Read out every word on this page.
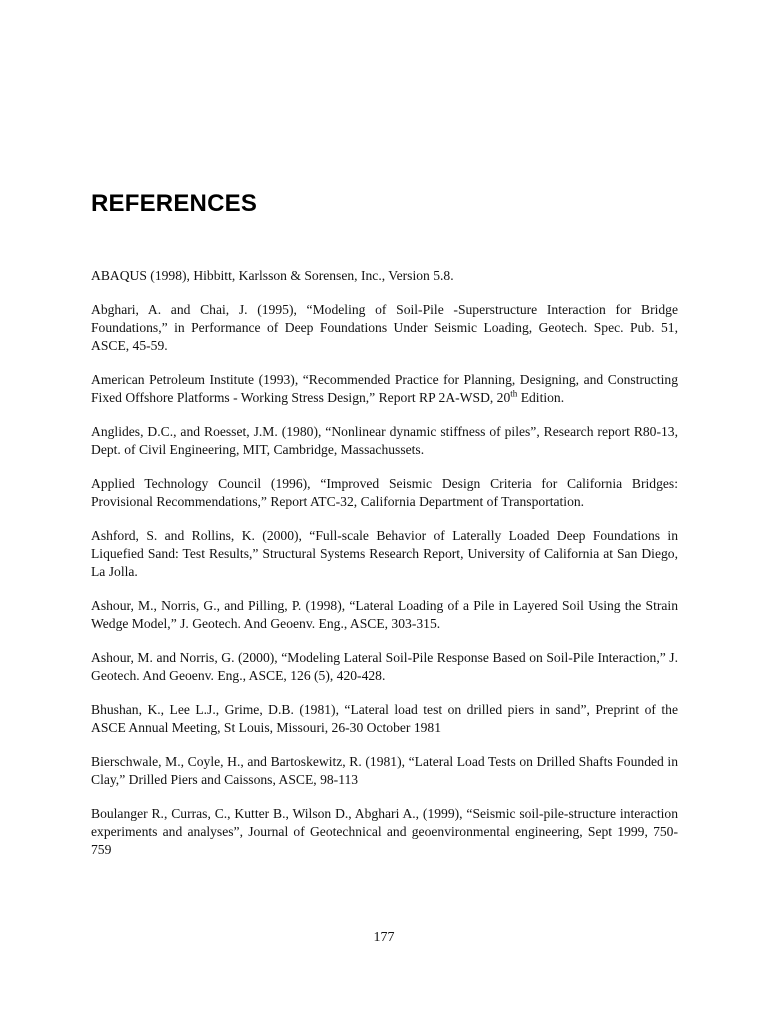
REFERENCES
ABAQUS (1998), Hibbitt, Karlsson & Sorensen, Inc., Version 5.8.
Abghari, A. and Chai, J. (1995), “Modeling of Soil-Pile -Superstructure Interaction for Bridge Foundations,” in Performance of Deep Foundations Under Seismic Loading, Geotech. Spec. Pub. 51, ASCE, 45-59.
American Petroleum Institute (1993), “Recommended Practice for Planning, Designing, and Constructing Fixed Offshore Platforms - Working Stress Design,” Report RP 2A-WSD, 20th Edition.
Anglides, D.C., and Roesset, J.M. (1980), “Nonlinear dynamic stiffness of piles”, Research report R80-13, Dept. of Civil Engineering, MIT, Cambridge, Massachussets.
Applied Technology Council (1996), “Improved Seismic Design Criteria for California Bridges: Provisional Recommendations,” Report ATC-32, California Department of Transportation.
Ashford, S. and Rollins, K. (2000), “Full-scale Behavior of Laterally Loaded Deep Foundations in Liquefied Sand: Test Results,” Structural Systems Research Report, University of California at San Diego, La Jolla.
Ashour, M., Norris, G., and Pilling, P. (1998), “Lateral Loading of a Pile in Layered Soil Using the Strain Wedge Model,” J. Geotech. And Geoenv. Eng., ASCE, 303-315.
Ashour, M. and Norris, G. (2000), “Modeling Lateral Soil-Pile Response Based on Soil-Pile Interaction,” J. Geotech. And Geoenv. Eng., ASCE, 126 (5), 420-428.
Bhushan, K., Lee L.J., Grime, D.B. (1981), “Lateral load test on drilled piers in sand”, Preprint of the ASCE Annual Meeting, St Louis, Missouri, 26-30 October 1981
Bierschwale, M., Coyle, H., and Bartoskewitz, R. (1981), “Lateral Load Tests on Drilled Shafts Founded in Clay,” Drilled Piers and Caissons, ASCE, 98-113
Boulanger R., Curras, C., Kutter B., Wilson D., Abghari A., (1999), “Seismic soil-pile-structure interaction experiments and analyses”, Journal of Geotechnical and geoenvironmental engineering, Sept 1999, 750-759
177
